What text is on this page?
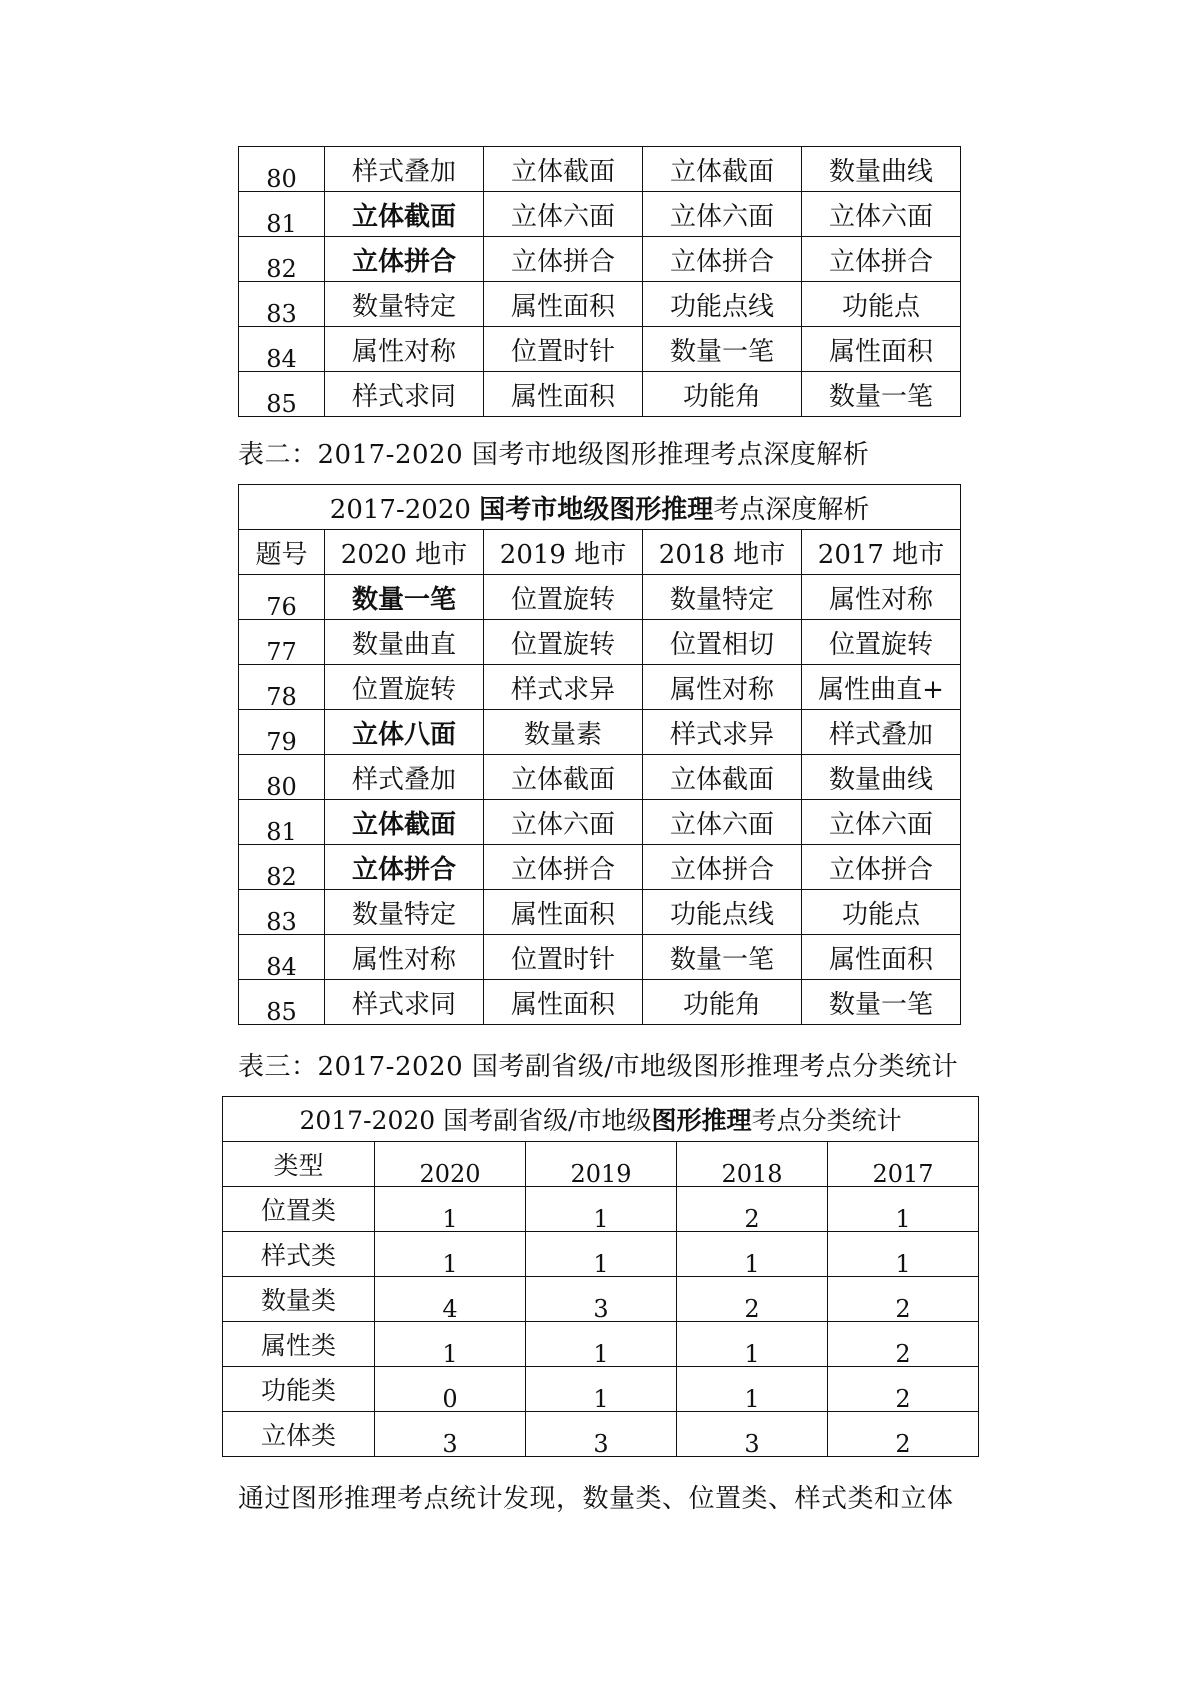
80	样式叠加	立体截面	立体截面	数量曲线
81	立体截面	立体六面	立体六面	立体六面
82	立体拼合	立体拼合	立体拼合	立体拼合
83	数量特定	属性面积	功能点线	功能点
84	属性对称	位置时针	数量一笔	属性面积
85	样式求同	属性面积	功能角	数量一笔
表二：2017-2020 国考市地级图形推理考点深度解析
2017-2020 国考市地级图形推理考点深度解析				
题号	2020 地市	2019 地市	2018 地市	2017 地市
76	数量一笔	位置旋转	数量特定	属性对称
77	数量曲直	位置旋转	位置相切	位置旋转
78	位置旋转	样式求异	属性对称	属性曲直+
79	立体八面	数量素	样式求异	样式叠加
80	样式叠加	立体截面	立体截面	数量曲线
81	立体截面	立体六面	立体六面	立体六面
82	立体拼合	立体拼合	立体拼合	立体拼合
83	数量特定	属性面积	功能点线	功能点
84	属性对称	位置时针	数量一笔	属性面积
85	样式求同	属性面积	功能角	数量一笔
表三：2017-2020 国考副省级/市地级图形推理考点分类统计
2017-2020 国考副省级/市地级图形推理考点分类统计				
类型	2020	2019	2018	2017
位置类	1	1	2	1
样式类	1	1	1	1
数量类	4	3	2	2
属性类	1	1	1	2
功能类	0	1	1	2
立体类	3	3	3	2
通过图形推理考点统计发现，数量类、位置类、样式类和立体
